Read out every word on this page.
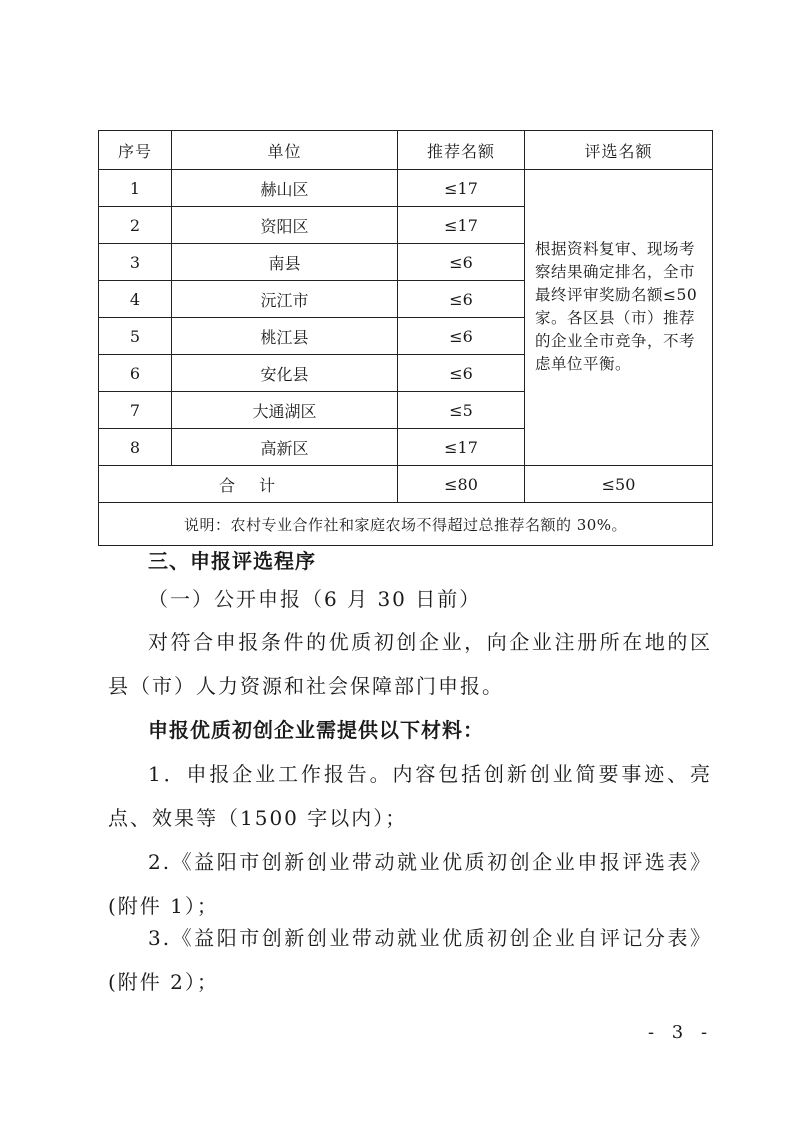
序号	单位	推荐名额	评选名额
1	赫山区	≤17	根据资料复审、现场考察结果确定排名，全市最终评审奖励名额≤50 家。各区县（市）推荐的企业全市竞争，不考虑单位平衡。
2	资阳区	≤17	
3	南县	≤6	
4	沅江市	≤6	
5	桃江县	≤6	
6	安化县	≤6	
7	大通湖区	≤5	
8	高新区	≤17	
合 计		≤80	≤50
说明：农村专业合作社和家庭农场不得超过总推荐名额的 30%。			
三、申报评选程序

（一）公开申报（6 月 30 日前）

对符合申报条件的优质初创企业，向企业注册所在地的区县（市）人力资源和社会保障部门申报。

申报优质初创企业需提供以下材料：

1．申报企业工作报告。内容包括创新创业简要事迹、亮点、效果等（1500 字以内）；

2.《益阳市创新创业带动就业优质初创企业申报评选表》(附件 1）；

3.《益阳市创新创业带动就业优质初创企业自评记分表》(附件 2）；

- 3 -
